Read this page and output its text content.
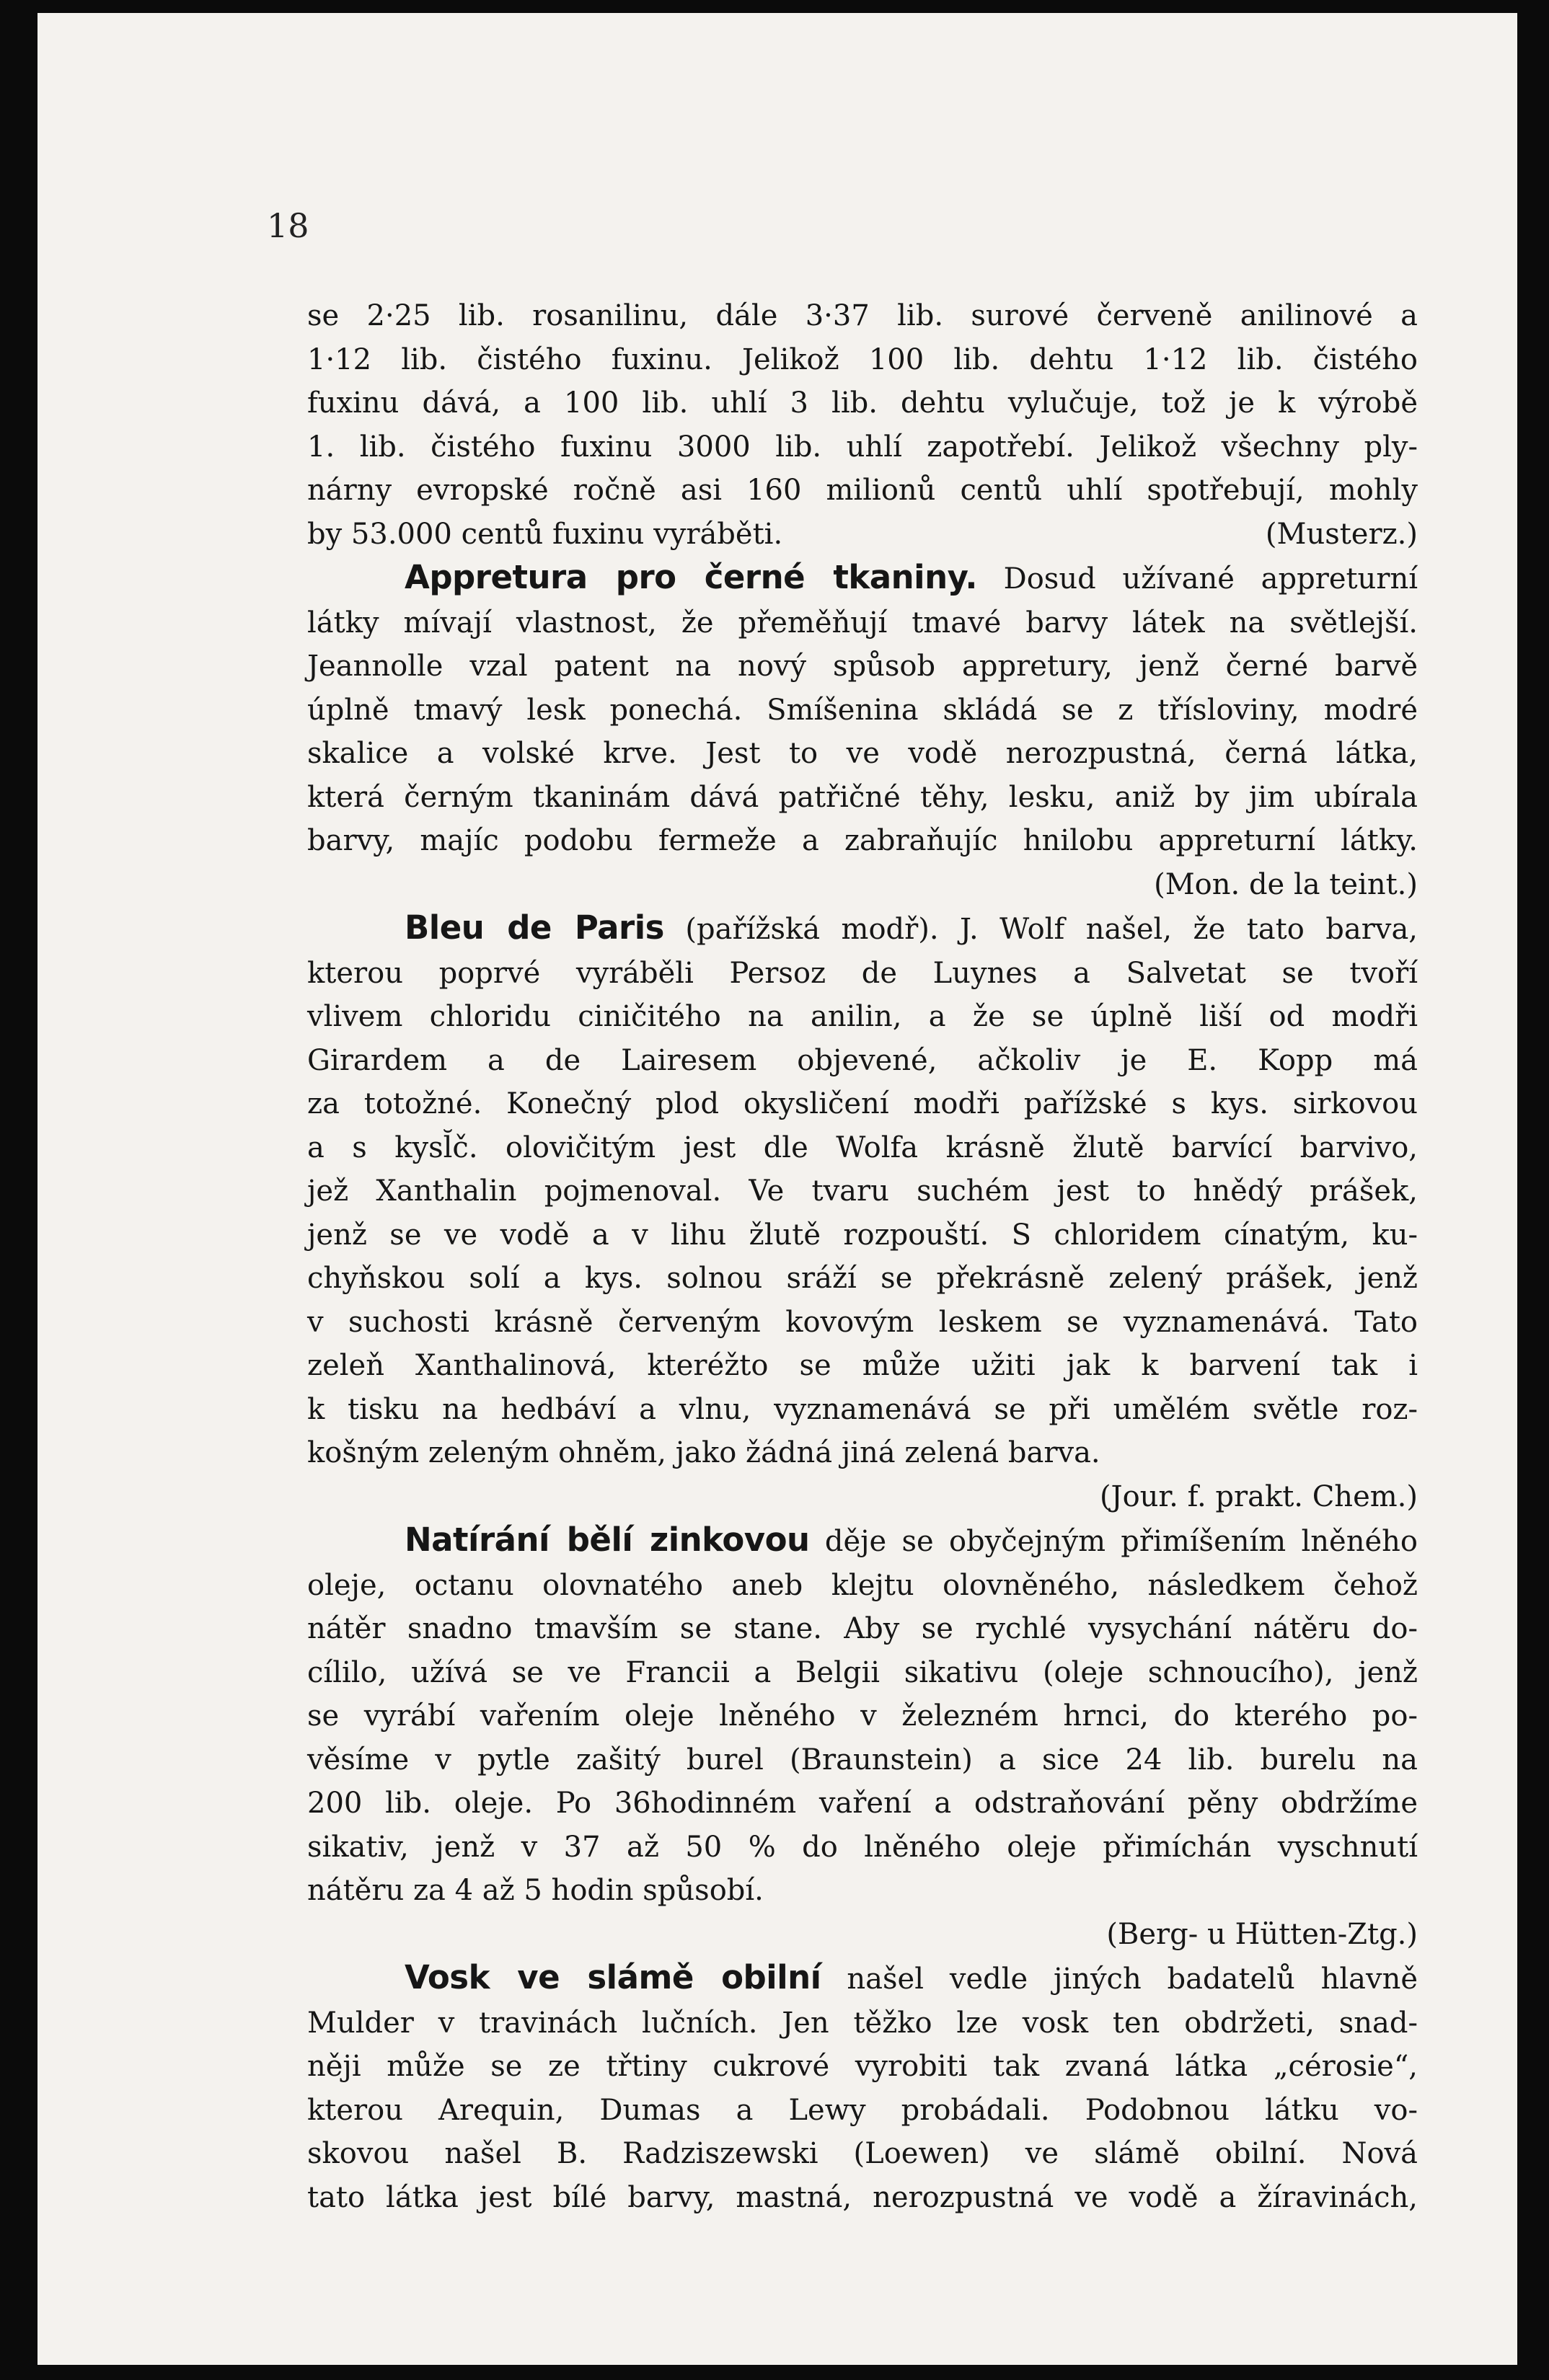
18
se 2·25 lib. rosanilinu, dále 3·37 lib. surové červeně anilinové a
1·12 lib. čistého fuxinu. Jelikož 100 lib. dehtu 1·12 lib. čistého
fuxinu dává, a 100 lib. uhlí 3 lib. dehtu vylučuje, tož je k výrobě
1. lib. čistého fuxinu 3000 lib. uhlí zapotřebí. Jelikož všechny ply-
nárny evropské ročně asi 160 milionů centů uhlí spotřebují, mohly
by 53.000 centů fuxinu vyráběti.	(Musterz.)
Appretura pro černé tkaniny. Dosud užívané appreturní
látky mívají vlastnost, že přeměňují tmavé barvy látek na světlejší.
Jeannolle vzal patent na nový spůsob appretury, jenž černé barvě
úplně tmavý lesk ponechá. Smíšenina skládá se z třísloviny, modré
skalice a volské krve. Jest to ve vodě nerozpustná, černá látka,
která černým tkaninám dává patřičné těhy, lesku, aniž by jim ubírala
barvy, majíc podobu fermeže a zabraňujíc hnilobu appreturní látky.
(Mon. de la teint.)
Bleu de Paris (pařížská modř). J. Wolf našel, že tato barva,
kterou poprvé vyráběli Persoz de Luynes a Salvetat se tvoří
vlivem chloridu ciničitého na anilin, a že se úplně liší od modři
Girardem a de Lairesem objevené, ačkoliv je E. Kopp má
za totožné. Konečný plod okysličení modři pařížské s kys. sirkovou
a s kysl̆č. olovičitým jest dle Wolfa krásně žlutě barvící barvivo,
jež Xanthalin pojmenoval. Ve tvaru suchém jest to hnědý prášek,
jenž se ve vodě a v lihu žlutě rozpouští. S chloridem cínatým, ku-
chyňskou solí a kys. solnou sráží se překrásně zelený prášek, jenž
v suchosti krásně červeným kovovým leskem se vyznamenává. Tato
zeleň Xanthalinová, kteréžto se může užiti jak k barvení tak i
k tisku na hedbáví a vlnu, vyznamenává se při umělém světle roz-
košným zeleným ohněm, jako žádná jiná zelená barva.
(Jour. f. prakt. Chem.)
Natírání bělí zinkovou děje se obyčejným přimíšením lněného
oleje, octanu olovnatého aneb klejtu olovněného, následkem čehož
nátěr snadno tmavším se stane. Aby se rychlé vysychání nátěru do-
cílilo, užívá se ve Francii a Belgii sikativu (oleje schnoucího), jenž
se vyrábí vařením oleje lněného v železném hrnci, do kterého po-
věsíme v pytle zašitý burel (Braunstein) a sice 24 lib. burelu na
200 lib. oleje. Po 36hodinném vaření a odstraňování pěny obdržíme
sikativ, jenž v 37 až 50 % do lněného oleje přimíchán vyschnutí
nátěru za 4 až 5 hodin spůsobí.
(Berg- u Hütten-Ztg.)
Vosk ve slámě obilní našel vedle jiných badatelů hlavně
Mulder v travinách lučních. Jen těžko lze vosk ten obdržeti, snad-
něji může se ze třtiny cukrové vyrobiti tak zvaná látka „cérosie“,
kterou Arequin, Dumas a Lewy probádali. Podobnou látku vo-
skovou našel B. Radziszewski (Loewen) ve slámě obilní. Nová
tato látka jest bílé barvy, mastná, nerozpustná ve vodě a žíravinách,
